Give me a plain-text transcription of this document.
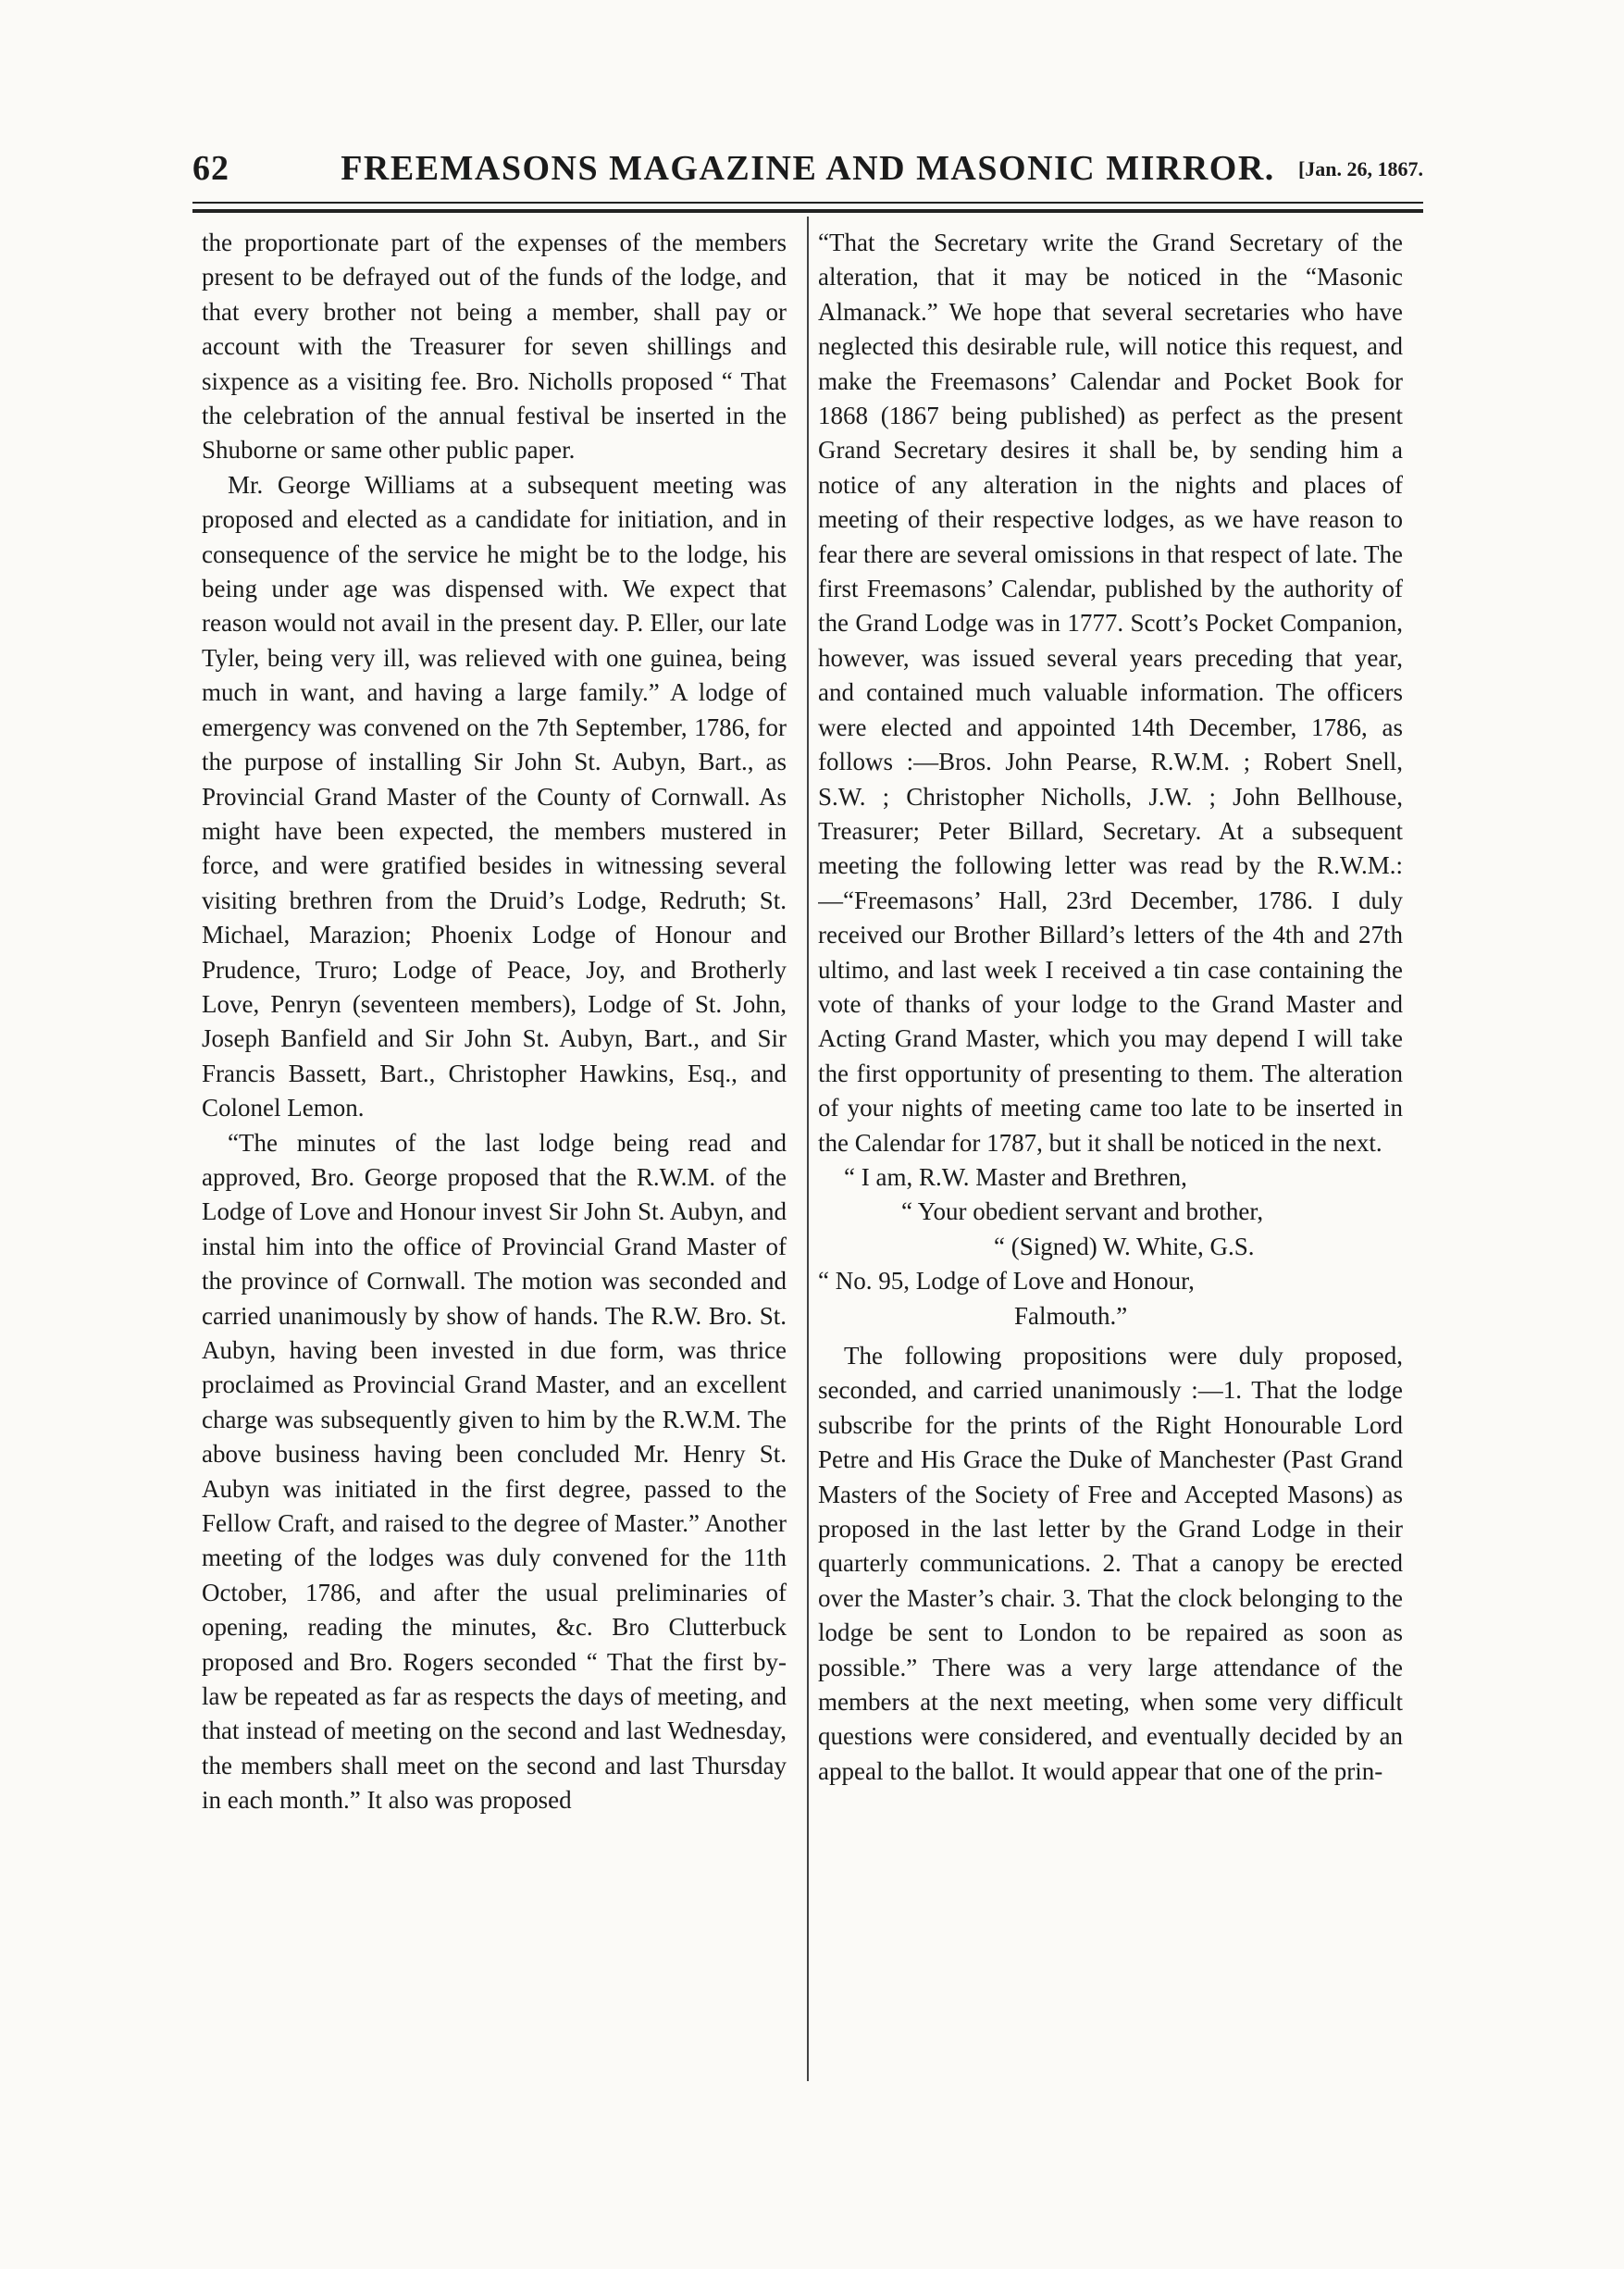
62	FREEMASONS MAGAZINE AND MASONIC MIRROR.	[Jan. 26, 1867.

the proportionate part of the expenses of the members present to be defrayed out of the funds of the lodge, and that every brother not being a member, shall pay or account with the Treasurer for seven shillings and sixpence as a visiting fee. Bro. Nicholls proposed “ That the celebration of the annual festival be inserted in the Shuborne or same other public paper.

Mr. George Williams at a subsequent meeting was proposed and elected as a candidate for initiation, and in consequence of the service he might be to the lodge, his being under age was dispensed with. We expect that reason would not avail in the present day. P. Eller, our late Tyler, being very ill, was relieved with one guinea, being much in want, and having a large family.” A lodge of emergency was convened on the 7th September, 1786, for the purpose of installing Sir John St. Aubyn, Bart., as Provincial Grand Master of the County of Cornwall. As might have been expected, the members mustered in force, and were gratified besides in witnessing several visiting brethren from the Druid’s Lodge, Redruth; St. Michael, Marazion; Phoenix Lodge of Honour and Prudence, Truro; Lodge of Peace, Joy, and Brotherly Love, Penryn (seventeen members), Lodge of St. John, Joseph Banfield and Sir John St. Aubyn, Bart., and Sir Francis Bassett, Bart., Christopher Hawkins, Esq., and Colonel Lemon.

“The minutes of the last lodge being read and approved, Bro. George proposed that the R.W.M. of the Lodge of Love and Honour invest Sir John St. Aubyn, and instal him into the office of Provincial Grand Master of the province of Cornwall. The motion was seconded and carried unanimously by show of hands. The R.W. Bro. St. Aubyn, having been invested in due form, was thrice proclaimed as Provincial Grand Master, and an excellent charge was subsequently given to him by the R.W.M. The above business having been concluded Mr. Henry St. Aubyn was initiated in the first degree, passed to the Fellow Craft, and raised to the degree of Master.” Another meeting of the lodges was duly convened for the 11th October, 1786, and after the usual preliminaries of opening, reading the minutes, &c. Bro Clutterbuck proposed and Bro. Rogers seconded “ That the first by-law be repeated as far as respects the days of meeting, and that instead of meeting on the second and last Wednesday, the members shall meet on the second and last Thursday in each month.” It also was proposed

“That the Secretary write the Grand Secretary of the alteration, that it may be noticed in the “Masonic Almanack.” We hope that several secretaries who have neglected this desirable rule, will notice this request, and make the Freemasons’ Calendar and Pocket Book for 1868 (1867 being published) as perfect as the present Grand Secretary desires it shall be, by sending him a notice of any alteration in the nights and places of meeting of their respective lodges, as we have reason to fear there are several omissions in that respect of late. The first Freemasons’ Calendar, published by the authority of the Grand Lodge was in 1777. Scott’s Pocket Companion, however, was issued several years preceding that year, and contained much valuable information. The officers were elected and appointed 14th December, 1786, as follows :—Bros. John Pearse, R.W.M. ; Robert Snell, S.W. ; Christopher Nicholls, J.W. ; John Bellhouse, Treasurer; Peter Billard, Secretary. At a subsequent meeting the following letter was read by the R.W.M.:—“Freemasons’ Hall, 23rd December, 1786. I duly received our Brother Billard’s letters of the 4th and 27th ultimo, and last week I received a tin case containing the vote of thanks of your lodge to the Grand Master and Acting Grand Master, which you may depend I will take the first opportunity of presenting to them. The alteration of your nights of meeting came too late to be inserted in the Calendar for 1787, but it shall be noticed in the next.

“ I am, R.W. Master and Brethren,

“ Your obedient servant and brother,

“ (Signed) W. White, G.S.

“ No. 95, Lodge of Love and Honour,

Falmouth.”

The following propositions were duly proposed, seconded, and carried unanimously :—1. That the lodge subscribe for the prints of the Right Honourable Lord Petre and His Grace the Duke of Manchester (Past Grand Masters of the Society of Free and Accepted Masons) as proposed in the last letter by the Grand Lodge in their quarterly communications. 2. That a canopy be erected over the Master’s chair. 3. That the clock belonging to the lodge be sent to London to be repaired as soon as possible.” There was a very large attendance of the members at the next meeting, when some very difficult questions were considered, and eventually decided by an appeal to the ballot. It would appear that one of the prin-
